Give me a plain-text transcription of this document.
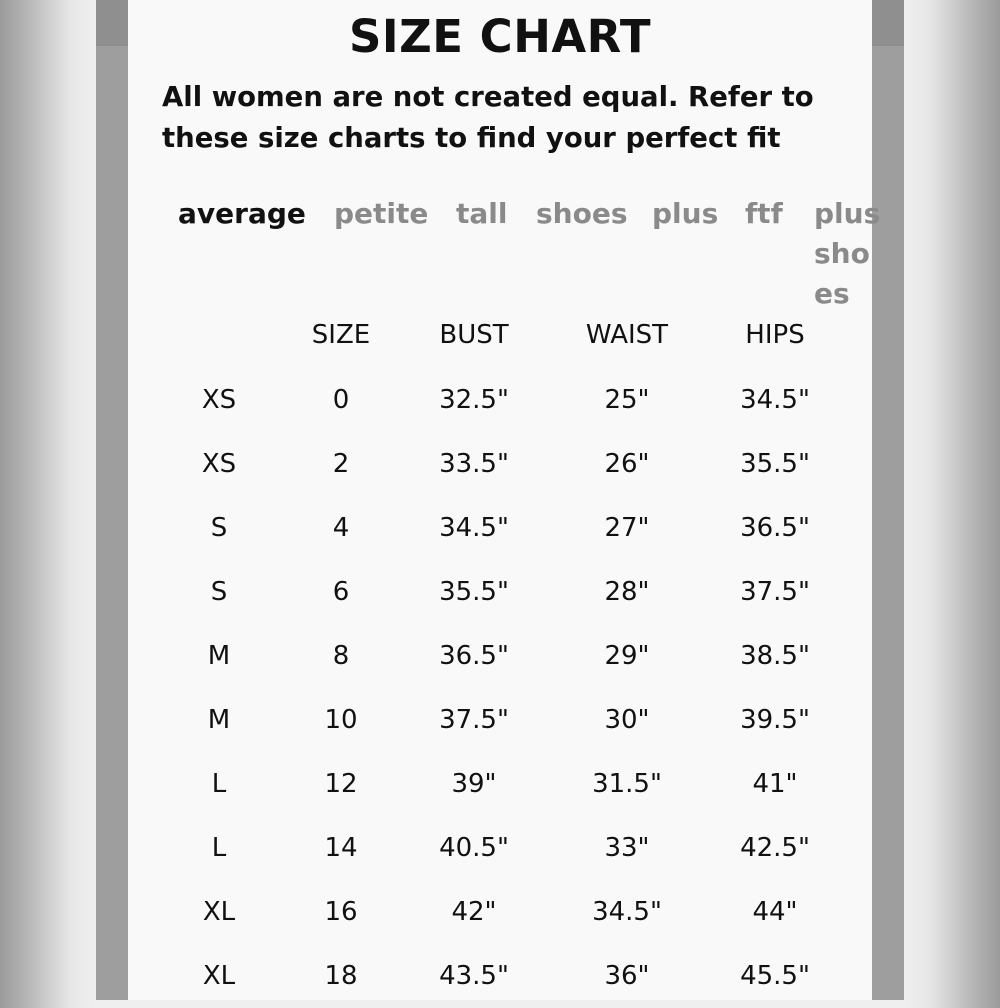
SIZE CHART

All women are not created equal. Refer to these size charts to find your perfect fit

average petite tall shoes plus ftf plus shoes
	SIZE	BUST	WAIST	HIPS
XS	0	32.5"	25"	34.5"
XS	2	33.5"	26"	35.5"
S	4	34.5"	27"	36.5"
S	6	35.5"	28"	37.5"
M	8	36.5"	29"	38.5"
M	10	37.5"	30"	39.5"
L	12	39"	31.5"	41"
L	14	40.5"	33"	42.5"
XL	16	42"	34.5"	44"
XL	18	43.5"	36"	45.5"
